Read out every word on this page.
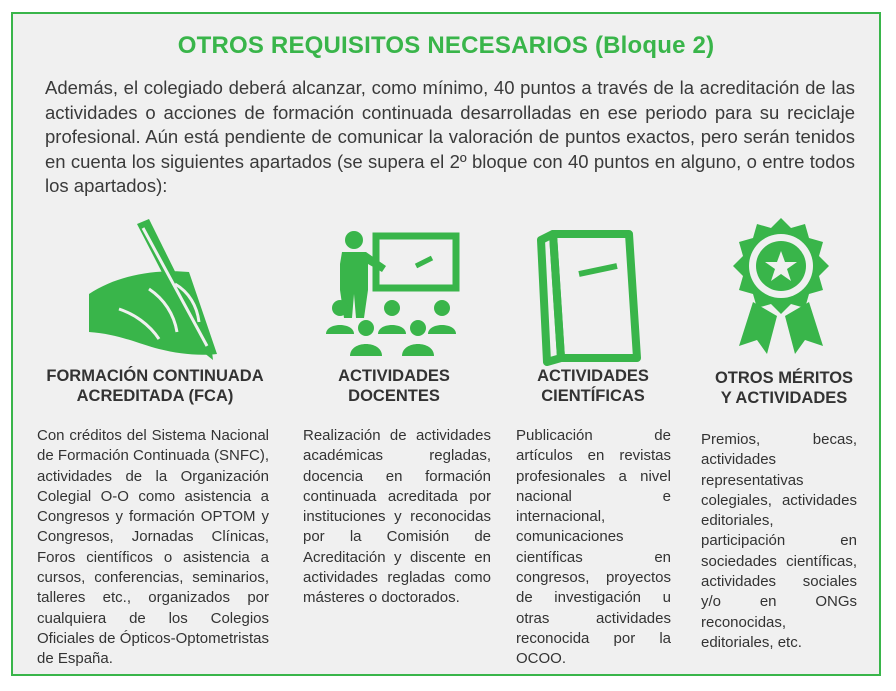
OTROS REQUISITOS NECESARIOS (Bloque 2)
Además, el colegiado deberá alcanzar, como mínimo, 40 puntos a través de la acreditación de las actividades o acciones de formación continuada desarrolladas en ese periodo para su reciclaje profesional. Aún está pendiente de comunicar la valoración de puntos exactos, pero serán tenidos en cuenta los siguientes apartados (se supera el 2º bloque con 40 puntos en alguno, o entre todos los apartados):
FORMACIÓN CONTINUADA
ACREDITADA (FCA)
Con créditos del Sistema Nacional de Formación Continuada (SNFC), actividades de la Organización Colegial O-O como asistencia a Congresos y formación OPTOM y Congresos, Jornadas Clínicas, Foros científicos o asistencia a cursos, conferencias, seminarios, talleres etc., organizados por cualquiera de los Colegios Oficiales de Ópticos-Optometristas de España.
ACTIVIDADES
DOCENTES
Realización de actividades académicas regladas, docencia en formación continuada acreditada por instituciones y reconocidas por la Comisión de Acreditación y discente en actividades regladas como másteres o doctorados.
ACTIVIDADES
CIENTÍFICAS
Publicación de artículos en revistas profesionales a nivel nacional e internacional, comunicaciones científicas en congresos, proyectos de investigación u otras actividades reconocida por la OCOO.
OTROS MÉRITOS
Y ACTIVIDADES
Premios, becas, actividades representativas colegiales, actividades editoriales, participación en sociedades científicas, actividades sociales y/o en ONGs reconocidas, editoriales, etc.
